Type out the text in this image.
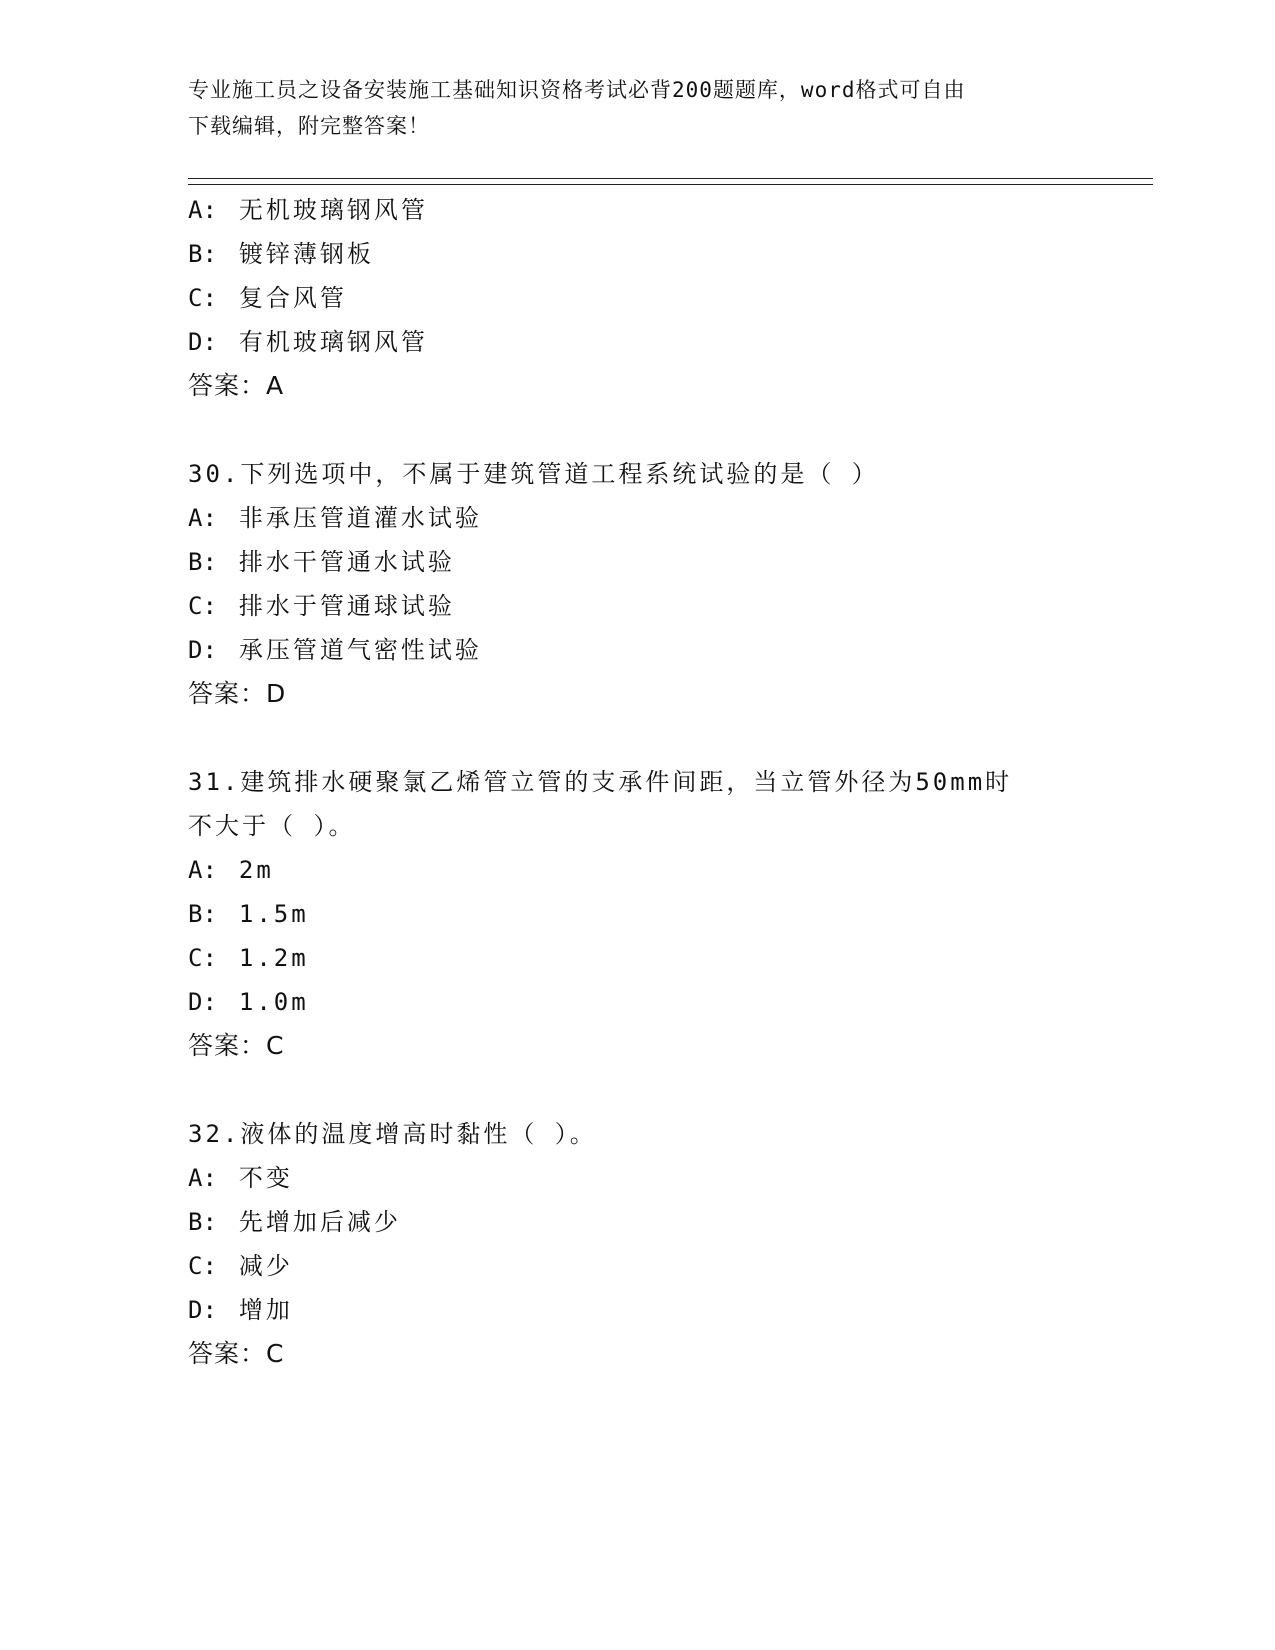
专业施工员之设备安装施工基础知识资格考试必背200题题库，word格式可自由
下载编辑，附完整答案！
A: 无机玻璃钢风管
B: 镀锌薄钢板
C: 复合风管
D: 有机玻璃钢风管
答案：A
30.下列选项中，不属于建筑管道工程系统试验的是（ ）
A: 非承压管道灌水试验
B: 排水干管通水试验
C: 排水于管通球试验
D: 承压管道气密性试验
答案：D
31.建筑排水硬聚氯乙烯管立管的支承件间距，当立管外径为50mm时
不大于（ ）。
A: 2m
B: 1.5m
C: 1.2m
D: 1.0m
答案：C
32.液体的温度增高时黏性（ ）。
A: 不变
B: 先增加后减少
C: 减少
D: 增加
答案：C
